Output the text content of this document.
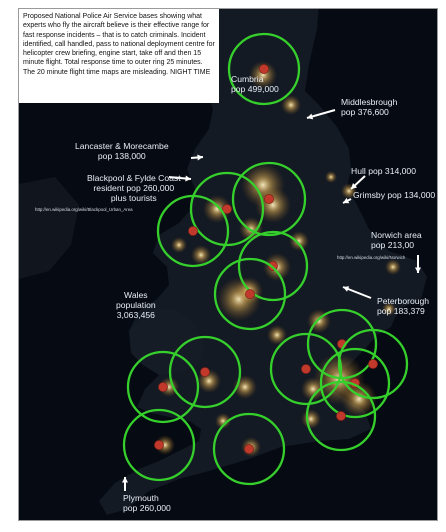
Proposed National Police Air Service bases showing what experts who fly the aircraft believe is their effective range for fast response incidents – that is to catch criminals. Incident identified, call handled, pass to national deployment centre for helicopter crew briefing, engine start, take off and then 15 minute flight. Total response time to outer ring 25 minutes. The 20 minute flight time maps are misleading. NIGHT TIME
Cumbria
pop 499,000
Middlesbrough
pop 376,600
Lancaster & Morecambe
pop 138,000
Blackpool & Fylde Coast
resident pop 260,000
plus tourists
http://en.wikipedia.org/wiki/Blackpool_Urban_Area
Hull pop 314,000
Grimsby pop 134,000
Norwich area
pop 213,00
http://en.wikipedia.org/wiki/Norwich
Wales
population
3,063,456
Peterborough
pop 183,379
Plymouth
pop 260,000
